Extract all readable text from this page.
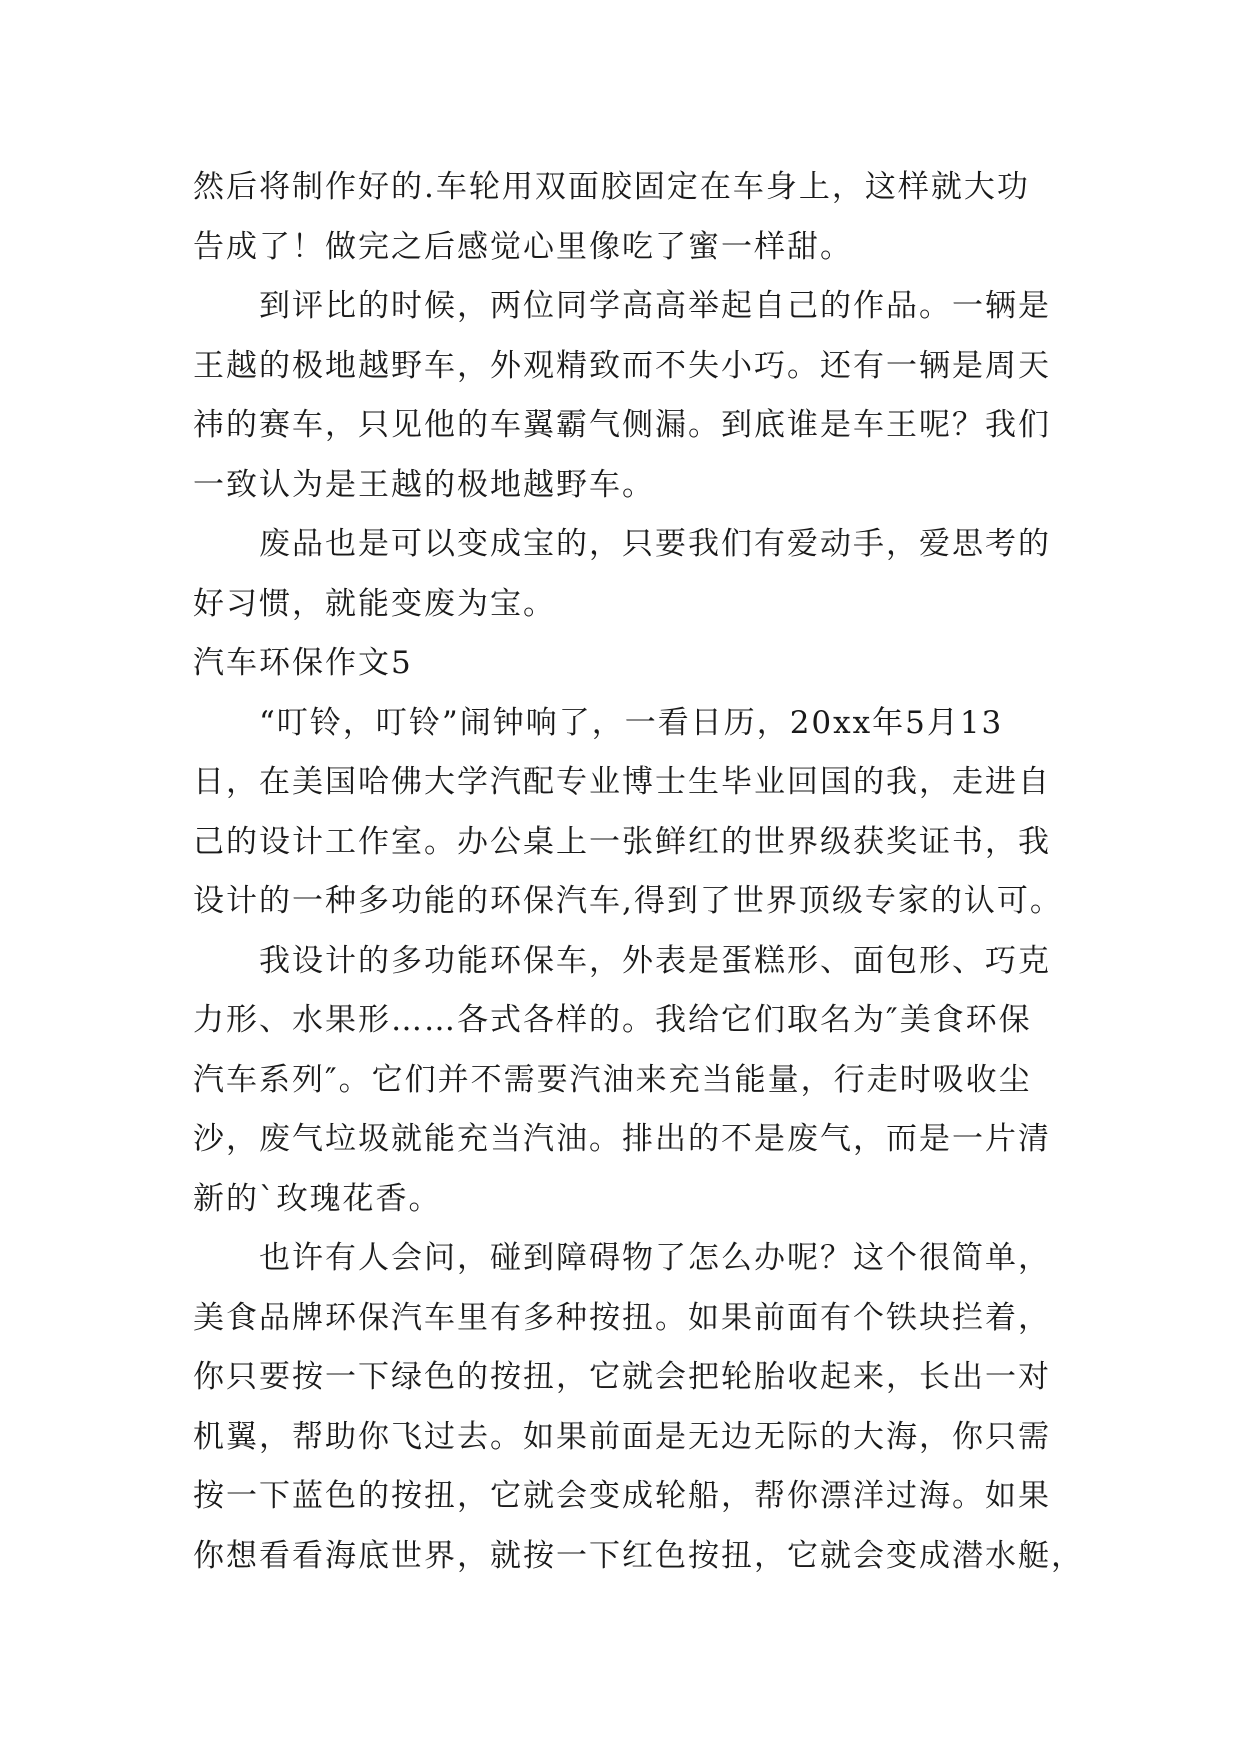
然后将制作好的.车轮用双面胶固定在车身上，这样就大功
告成了！做完之后感觉心里像吃了蜜一样甜。
到评比的时候，两位同学高高举起自己的作品。一辆是
王越的极地越野车，外观精致而不失小巧。还有一辆是周天
祎的赛车，只见他的车翼霸气侧漏。到底谁是车王呢？我们
一致认为是王越的极地越野车。
废品也是可以变成宝的，只要我们有爱动手，爱思考的
好习惯，就能变废为宝。
汽车环保作文5
“叮铃，叮铃”闹钟响了，一看日历，20xx年5月13
日，在美国哈佛大学汽配专业博士生毕业回国的我，走进自
己的设计工作室。办公桌上一张鲜红的世界级获奖证书，我
设计的一种多功能的环保汽车,得到了世界顶级专家的认可。
我设计的多功能环保车，外表是蛋糕形、面包形、巧克
力形、水果形……各式各样的。我给它们取名为″美食环保
汽车系列″。它们并不需要汽油来充当能量，行走时吸收尘
沙，废气垃圾就能充当汽油。排出的不是废气，而是一片清
新的`玫瑰花香。
也许有人会问，碰到障碍物了怎么办呢？这个很简单，
美食品牌环保汽车里有多种按扭。如果前面有个铁块拦着，
你只要按一下绿色的按扭，它就会把轮胎收起来，长出一对
机翼，帮助你飞过去。如果前面是无边无际的大海，你只需
按一下蓝色的按扭，它就会变成轮船，帮你漂洋过海。如果
你想看看海底世界，就按一下红色按扭，它就会变成潜水艇，
